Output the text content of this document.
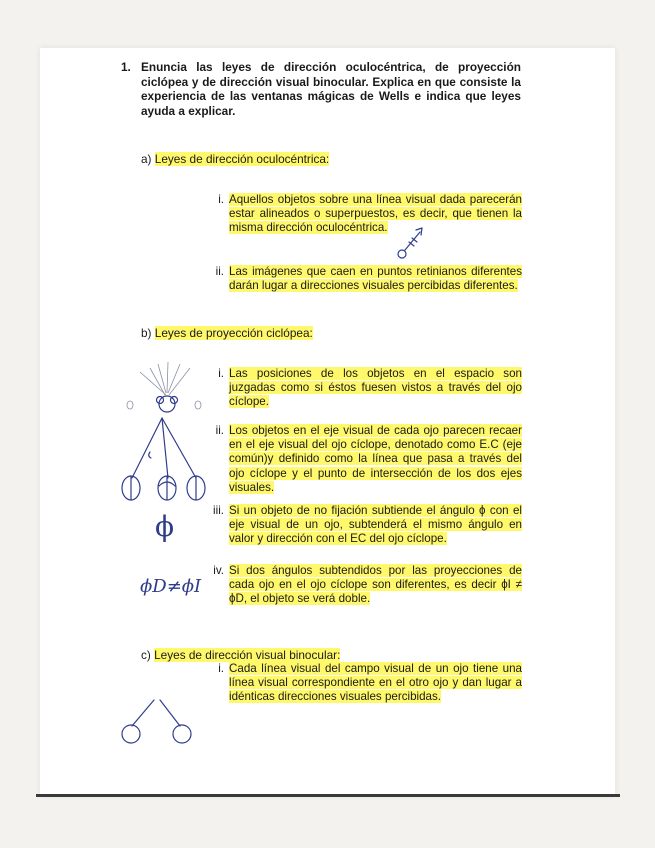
1. Enuncia las leyes de dirección oculocéntrica, de proyección ciclópea y de dirección visual binocular. Explica en que consiste la experiencia de las ventanas mágicas de Wells e indica que leyes ayuda a explicar.
a) Leyes de dirección oculocéntrica:
i. Aquellos objetos sobre una línea visual dada parecerán estar alineados o superpuestos, es decir, que tienen la misma dirección oculocéntrica.
ii. Las imágenes que caen en puntos retinianos diferentes darán lugar a direcciones visuales percibidas diferentes.
b) Leyes de proyección ciclópea:
i. Las posiciones de los objetos en el espacio son juzgadas como si éstos fuesen vistos a través del ojo cíclope.
ii. Los objetos en el eje visual de cada ojo parecen recaer en el eje visual del ojo cíclope, denotado como E.C (eje común)y definido como la línea que pasa a través del ojo cíclope y el punto de intersección de los dos ejes visuales.
iii. Si un objeto de no fijación subtiende el ángulo ϕ con el eje visual de un ojo, subtenderá el mismo ángulo en valor y dirección con el EC del ojo cíclope.
iv. Si dos ángulos subtendidos por las proyecciones de cada ojo en el ojo cíclope son diferentes, es decir ϕI ≠ ϕD, el objeto se verá doble.
c) Leyes de dirección visual binocular:
i. Cada línea visual del campo visual de un ojo tiene una línea visual correspondiente en el otro ojo y dan lugar a idénticas direcciones visuales percibidas.
ϕ
ϕD≠ϕI
